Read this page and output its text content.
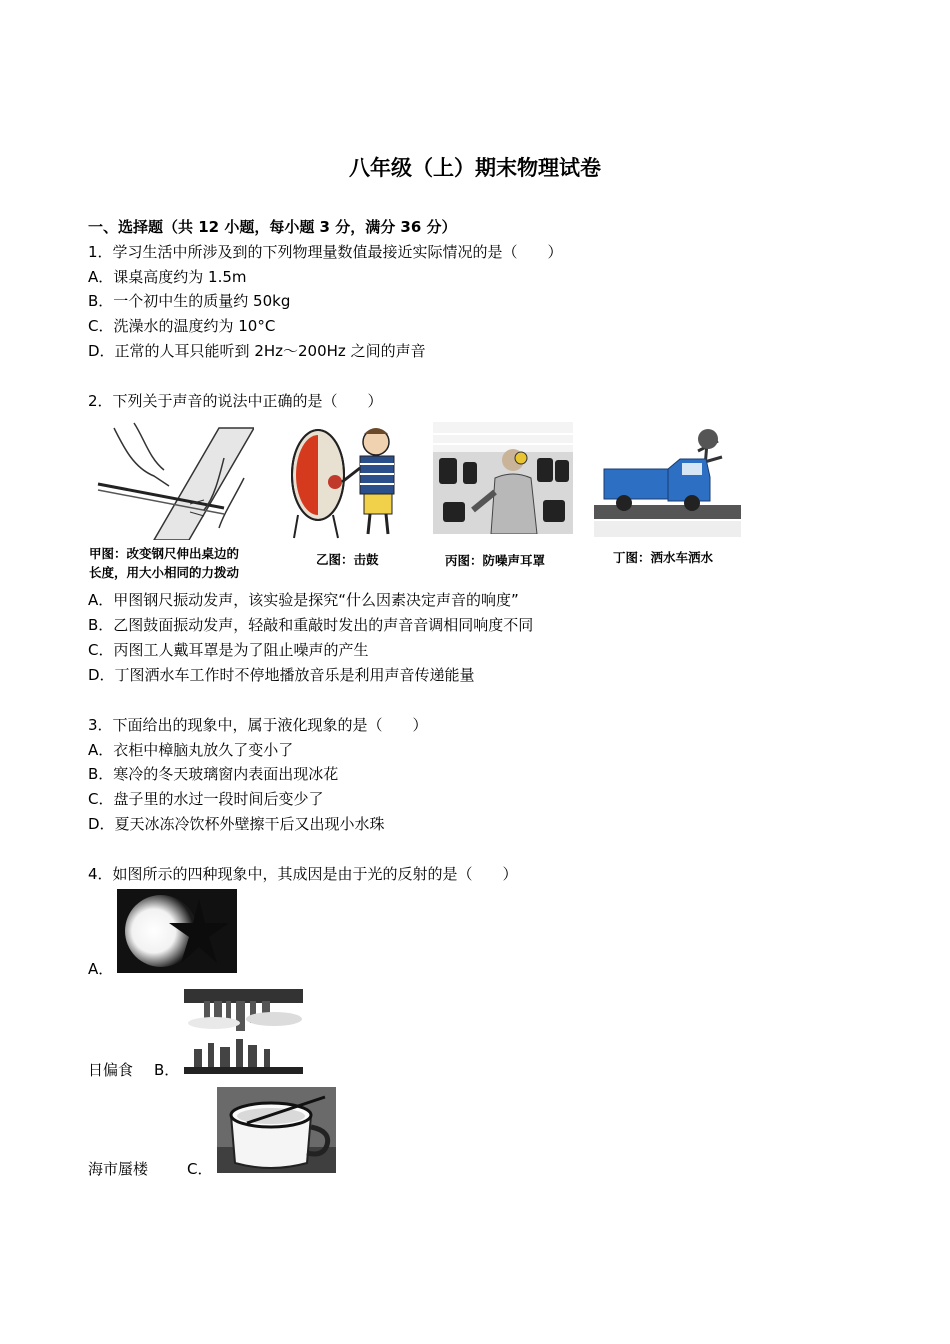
八年级（上）期末物理试卷
一、选择题（共 12 小题，每小题 3 分，满分 36 分）
1．学习生活中所涉及到的下列物理量数值最接近实际情况的是（　　）
A．课桌高度约为 1.5m
B．一个初中生的质量约 50kg
C．洗澡水的温度约为 10°C
D．正常的人耳只能听到 2Hz～200Hz 之间的声音
2．下列关于声音的说法中正确的是（　　）
甲图：改变钢尺伸出桌边的
长度，用大小相同的力拨动
乙图：击鼓	丙图：防噪声耳罩	丁图：洒水车洒水
A．甲图钢尺振动发声，该实验是探究“什么因素决定声音的响度”
B．乙图鼓面振动发声，轻敲和重敲时发出的声音音调相同响度不同
C．丙图工人戴耳罩是为了阻止噪声的产生
D．丁图洒水车工作时不停地播放音乐是利用声音传递能量
3．下面给出的现象中，属于液化现象的是（　　）
A．衣柜中樟脑丸放久了变小了
B．寒冷的冬天玻璃窗内表面出现冰花
C．盘子里的水过一段时间后变少了
D．夏天冰冻冷饮杯外壁擦干后又出现小水珠
4．如图所示的四种现象中，其成因是由于光的反射的是（　　）
A．
日偏食 B．
海市蜃楼	C．
